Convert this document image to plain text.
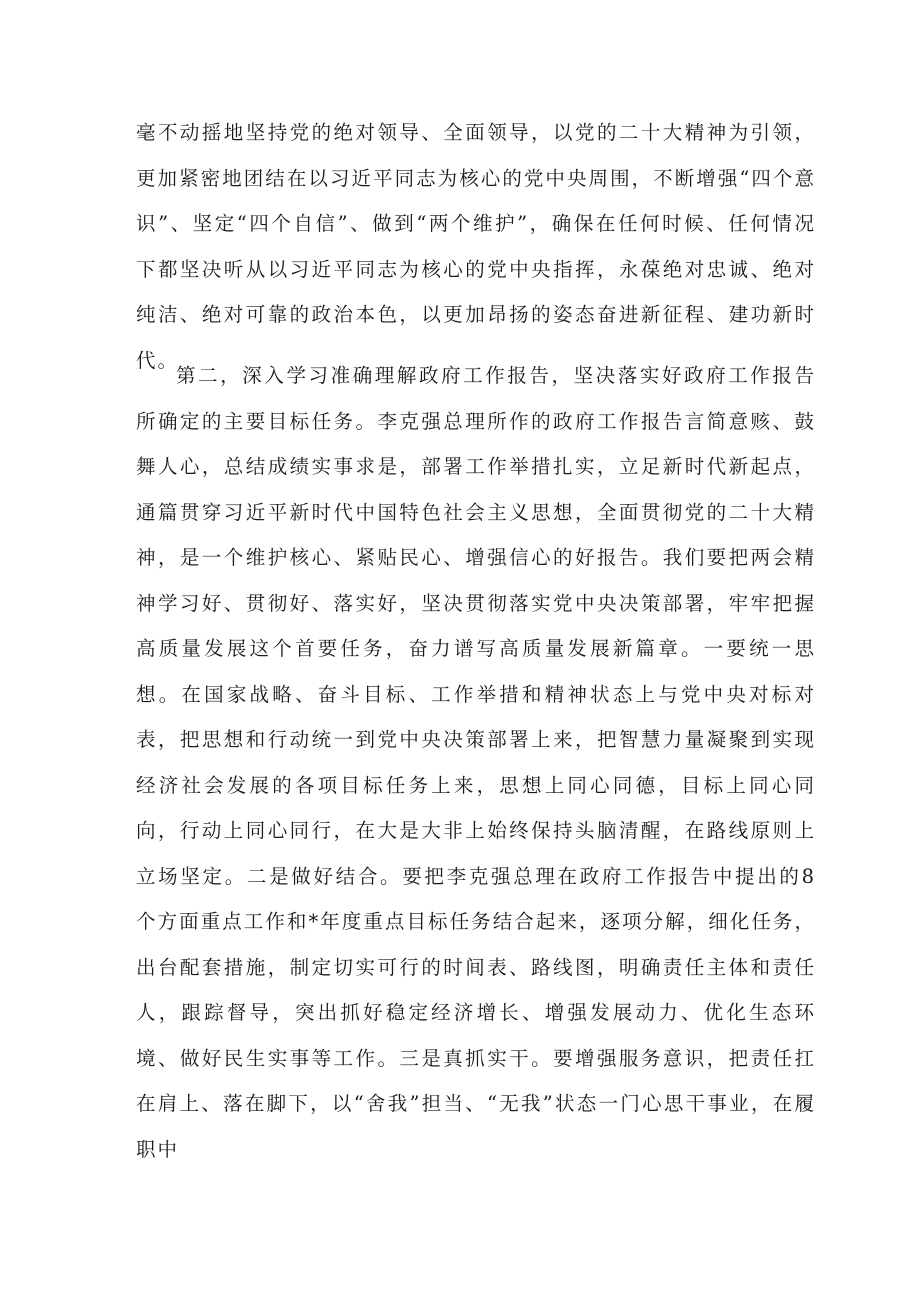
毫不动摇地坚持党的绝对领导、全面领导，以党的二十大精神为引领，更加紧密地团结在以习近平同志为核心的党中央周围，不断增强“四个意识”、坚定“四个自信”、做到“两个维护”，确保在任何时候、任何情况下都坚决听从以习近平同志为核心的党中央指挥，永葆绝对忠诚、绝对纯洁、绝对可靠的政治本色，以更加昂扬的姿态奋进新征程、建功新时代。

第二，深入学习准确理解政府工作报告，坚决落实好政府工作报告所确定的主要目标任务。李克强总理所作的政府工作报告言简意赅、鼓舞人心，总结成绩实事求是，部署工作举措扎实，立足新时代新起点，通篇贯穿习近平新时代中国特色社会主义思想，全面贯彻党的二十大精神，是一个维护核心、紧贴民心、增强信心的好报告。我们要把两会精神学习好、贯彻好、落实好，坚决贯彻落实党中央决策部署，牢牢把握高质量发展这个首要任务，奋力谱写高质量发展新篇章。一要统一思想。在国家战略、奋斗目标、工作举措和精神状态上与党中央对标对表，把思想和行动统一到党中央决策部署上来，把智慧力量凝聚到实现经济社会发展的各项目标任务上来，思想上同心同德，目标上同心同向，行动上同心同行，在大是大非上始终保持头脑清醒，在路线原则上立场坚定。二是做好结合。要把李克强总理在政府工作报告中提出的8个方面重点工作和*年度重点目标任务结合起来，逐项分解，细化任务，出台配套措施，制定切实可行的时间表、路线图，明确责任主体和责任人，跟踪督导，突出抓好稳定经济增长、增强发展动力、优化生态环境、做好民生实事等工作。三是真抓实干。要增强服务意识，把责任扛在肩上、落在脚下，以“舍我”担当、“无我”状态一门心思干事业，在履职中
